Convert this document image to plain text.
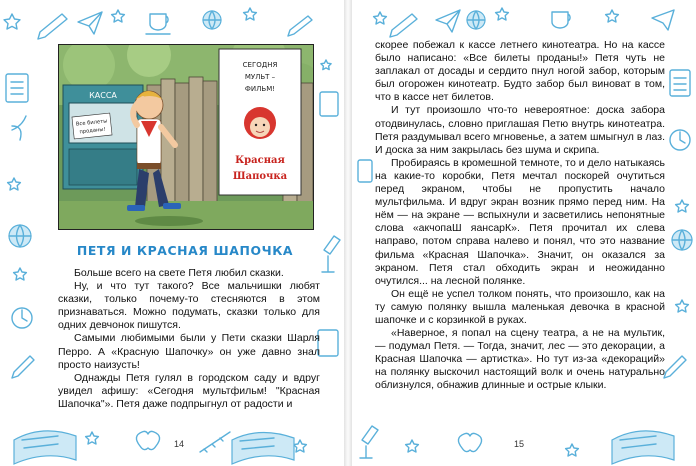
КАССА
Все билеты
проданы!
СЕГОДНЯ
МУЛЬТ –
ФИЛЬМ!
Красная
Шапочка
ПЕТЯ И КРАСНАЯ ШАПОЧКА

Больше всего на свете Петя любил сказки.

Ну, и что тут такого? Все мальчишки любят сказки, только почему-то стесняются в этом признаваться. Можно подумать, сказки только для одних девчонок пишутся.

Самыми любимыми были у Пети сказки Шарля Перро. А «Красную Шапочку» он уже давно знал просто наизусть!

Однажды Петя гулял в городском саду и вдруг увидел афишу: «Сегодня мультфильм! "Красная Шапочка"». Петя даже подпрыгнул от радости и

14

скорее побежал к кассе летнего кинотеатра. Но на кассе было написано: «Все билеты проданы!» Петя чуть не заплакал от досады и сердито пнул ногой забор, которым был огорожен кинотеатр. Будто забор был виноват в том, что в кассе нет билетов.

И тут произошло что-то невероятное: доска забора отодвинулась, словно приглашая Петю внутрь кинотеатра. Петя раздумывал всего мгновенье, а затем шмыгнул в лаз. И доска за ним закрылась без шума и скрипа.

Пробираясь в кромешной темноте, то и дело натыкаясь на какие-то коробки, Петя мечтал поскорей очутиться перед экраном, чтобы не пропустить начало мультфильма. И вдруг экран возник прямо перед ним. На нём — на экране — вспыхнули и засветились непонятные слова «акчопаШ яансарК». Петя прочитал их слева направо, потом справа налево и понял, что это название фильма «Красная Шапочка». Значит, он оказался за экраном. Петя стал обходить экран и неожиданно очутился... на лесной полянке.

Он ещё не успел толком понять, что произошло, как на ту самую полянку вышла маленькая девочка в красной шапочке и с корзинкой в руках.

«Наверное, я попал на сцену театра, а не на мультик, — подумал Петя. — Тогда, значит, лес — это декорации, а Красная Шапочка — артистка». Но тут из-за «декораций» на полянку выскочил настоящий волк и очень натурально облизнулся, обнажив длинные и острые клыки.

15
